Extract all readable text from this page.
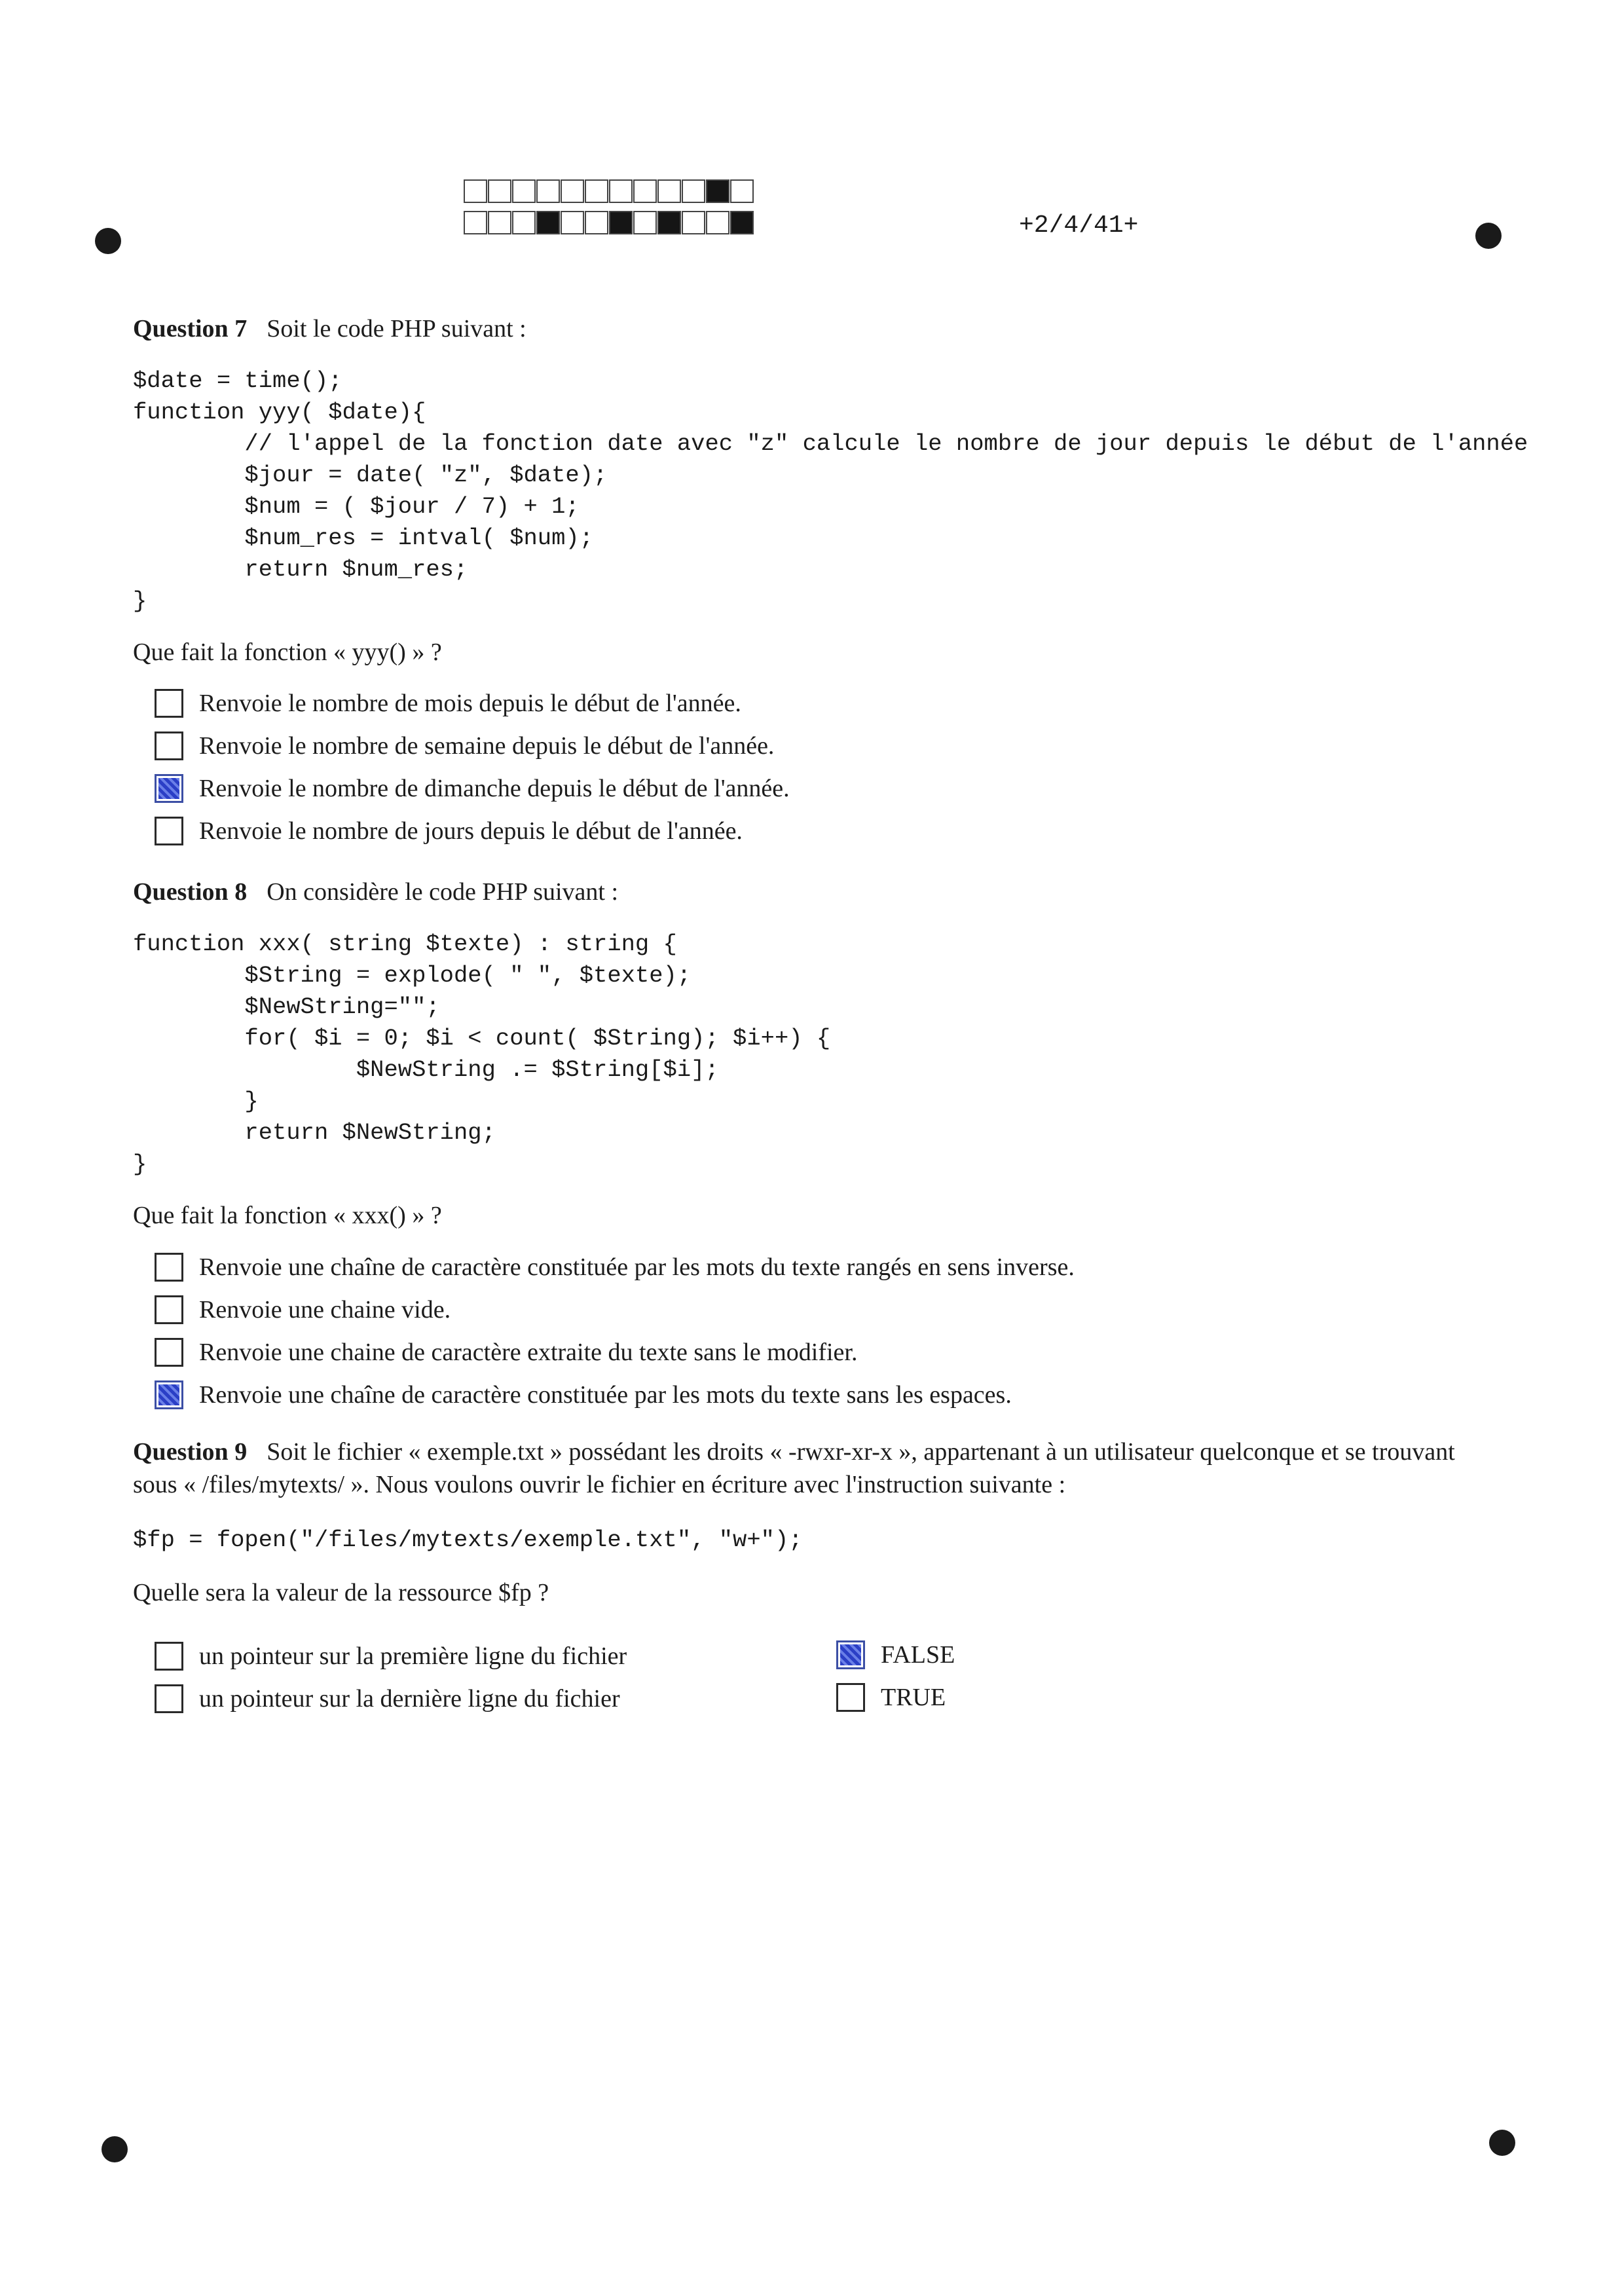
+2/4/41+
Question 7 Soit le code PHP suivant :
$date = time();
function yyy( $date){
// l'appel de la fonction date avec "z" calcule le nombre de jour depuis le début de l'année
$jour = date( "z", $date);
$num = ( $jour / 7) + 1;
$num_res = intval( $num);
return $num_res;
}
Que fait la fonction « yyy() » ?
Renvoie le nombre de mois depuis le début de l'année.
Renvoie le nombre de semaine depuis le début de l'année.
Renvoie le nombre de dimanche depuis le début de l'année.
Renvoie le nombre de jours depuis le début de l'année.
Question 8 On considère le code PHP suivant :
function xxx( string $texte) : string {
$String = explode( " ", $texte);
$NewString="";
for( $i = 0; $i < count( $String); $i++) {
$NewString .= $String[$i];
}
return $NewString;
}
Que fait la fonction « xxx() » ?
Renvoie une chaîne de caractère constituée par les mots du texte rangés en sens inverse.
Renvoie une chaine vide.
Renvoie une chaine de caractère extraite du texte sans le modifier.
Renvoie une chaîne de caractère constituée par les mots du texte sans les espaces.
Question 9 Soit le fichier « exemple.txt » possédant les droits « -rwxr-xr-x », appartenant à un utilisateur quelconque et se trouvant sous « /files/mytexts/ ». Nous voulons ouvrir le fichier en écriture avec l'instruction suivante :
$fp = fopen("/files/mytexts/exemple.txt", "w+");
Quelle sera la valeur de la ressource $fp ?
un pointeur sur la première ligne du fichier
un pointeur sur la dernière ligne du fichier
FALSE
TRUE
